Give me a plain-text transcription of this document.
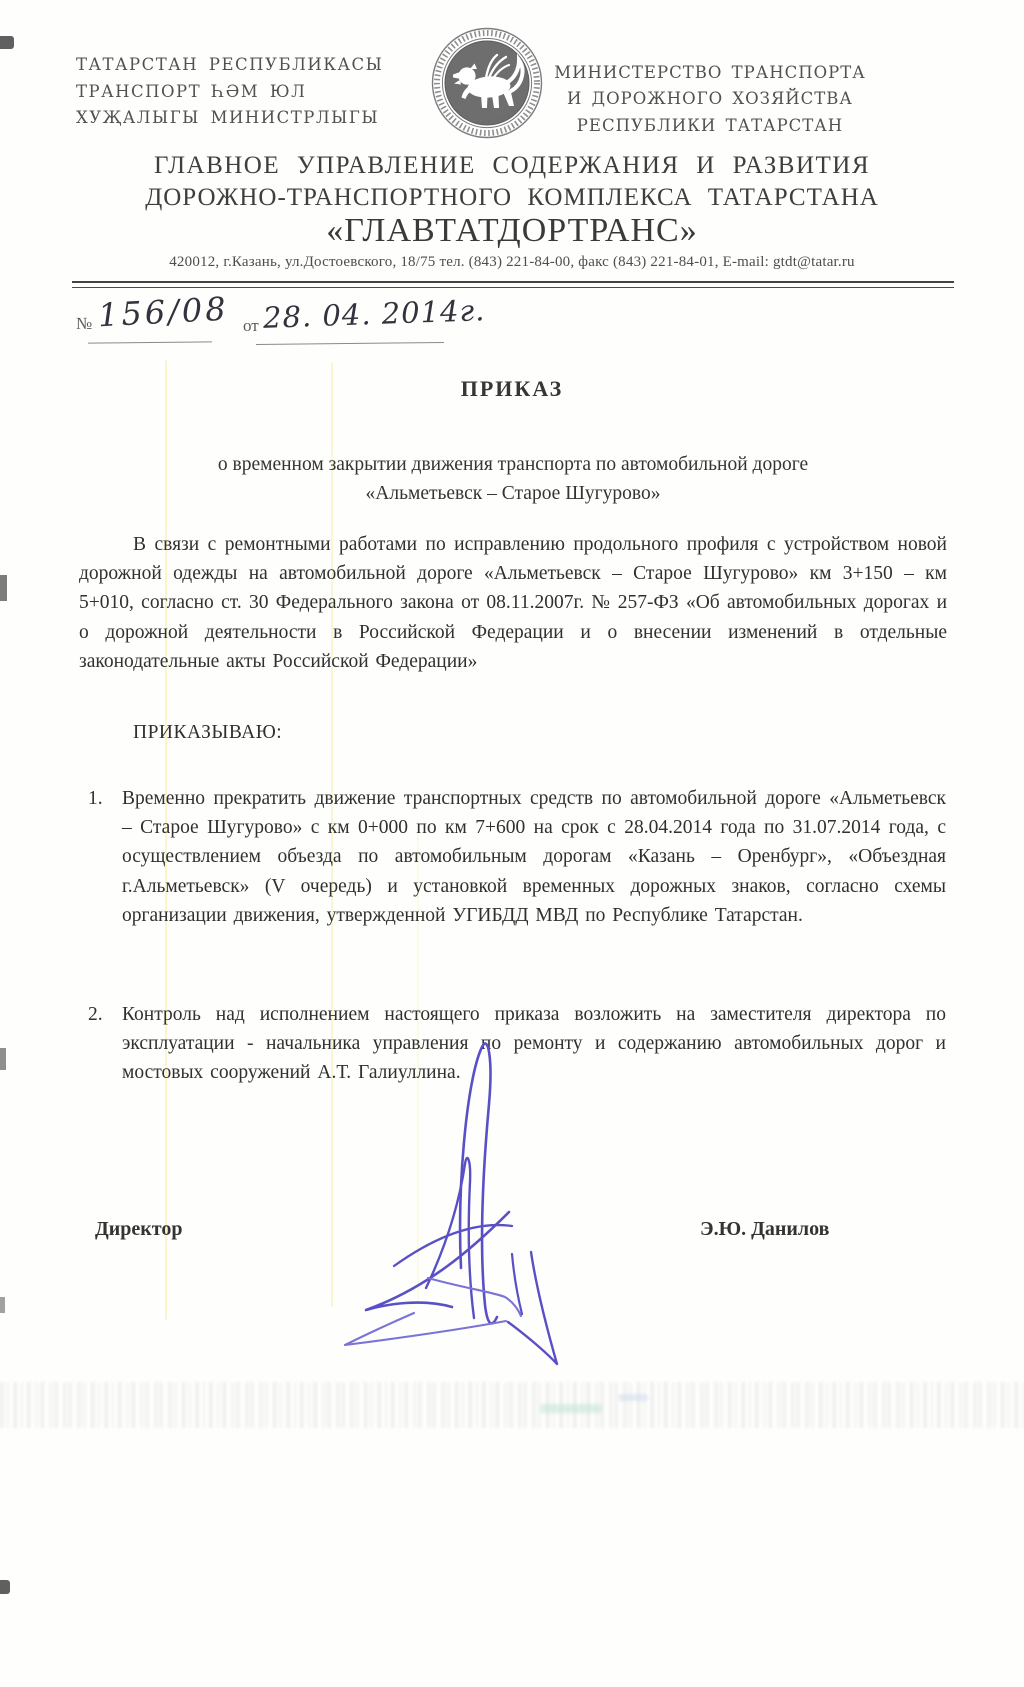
ТАТАРСТАН РЕСПУБЛИКАСЫ
ТРАНСПОРТ ҺӘМ ЮЛ
ХУҖАЛЫГЫ МИНИСТРЛЫГЫ	ТАТАРСТАН
МИНИСТЕРСТВО ТРАНСПОРТА
И ДОРОЖНОГО ХОЗЯЙСТВА
РЕСПУБЛИКИ ТАТАРСТАН
ГЛАВНОЕ УПРАВЛЕНИЕ СОДЕРЖАНИЯ И РАЗВИТИЯ
ДОРОЖНО-ТРАНСПОРТНОГО КОМПЛЕКСА ТАТАРСТАНА
«ГЛАВТАТДОРТРАНС»
420012, г.Казань, ул.Достоевского, 18/75 тел. (843) 221-84-00, факс (843) 221-84-01, E-mail: gtdt@tatar.ru
№ 156/08 от 28. 04. 2014г.
ПРИКАЗ
о временном закрытии движения транспорта по автомобильной дороге
«Альметьевск – Старое Шугурово»
В связи с ремонтными работами по исправлению продольного профиля с устройством новой дорожной одежды на автомобильной дороге «Альметьевск – Старое Шугурово» км 3+150 – км 5+010, согласно ст. 30 Федерального закона от 08.11.2007г. № 257-ФЗ «Об автомобильных дорогах и о дорожной деятельности в Российской Федерации и о внесении изменений в отдельные законодательные акты Российской Федерации»
ПРИКАЗЫВАЮ:
1. Временно прекратить движение транспортных средств по автомобильной дороге «Альметьевск – Старое Шугурово» с км 0+000 по км 7+600 на срок с 28.04.2014 года по 31.07.2014 года, с осуществлением объезда по автомобильным дорогам «Казань – Оренбург», «Объездная г.Альметьевск» (V очередь) и установкой временных дорожных знаков, согласно схемы организации движения, утвержденной УГИБДД МВД по Республике Татарстан.
2. Контроль над исполнением настоящего приказа возложить на заместителя директора по эксплуатации - начальника управления по ремонту и содержанию автомобильных дорог и мостовых сооружений А.Т. Галиуллина.
Директор	Э.Ю. Данилов
